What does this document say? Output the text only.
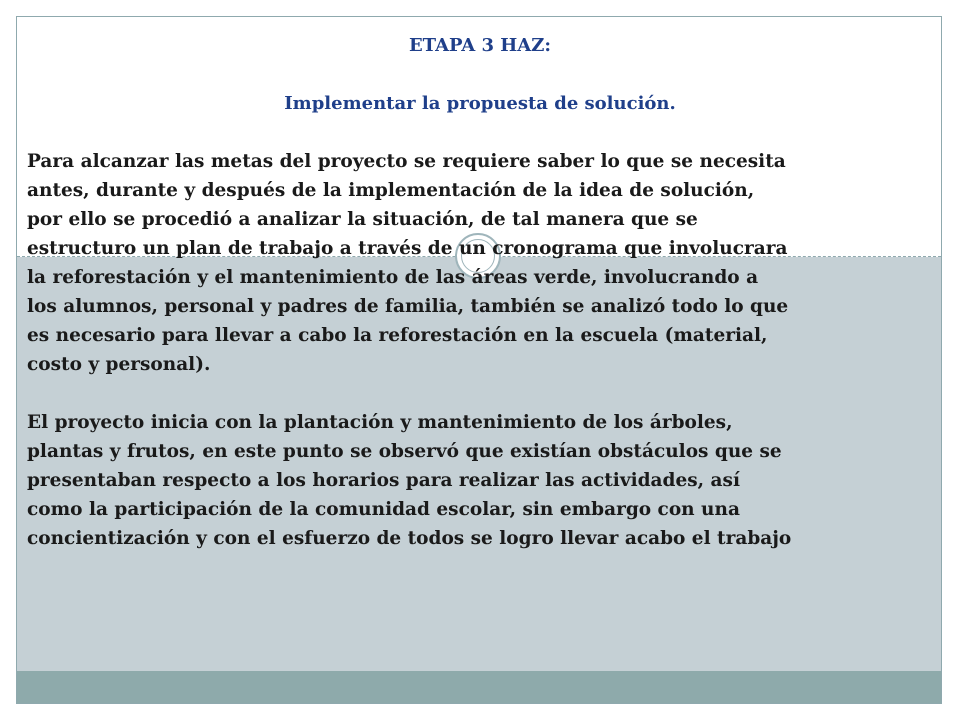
ETAPA 3 HAZ:

Implementar la propuesta de solución.

Para alcanzar las metas del proyecto se requiere saber lo que se necesita
antes, durante y después de la implementación de la idea de solución,
por ello se procedió a analizar la situación, de tal manera que se
estructuro un plan de trabajo a través de un cronograma que involucrara
la reforestación y el mantenimiento de las áreas verde, involucrando a
los alumnos, personal y padres de familia, también se analizó todo lo que
es necesario para llevar a cabo la reforestación en la escuela (material,
costo y personal).

El proyecto inicia con la plantación y mantenimiento de los árboles,
plantas y frutos, en este punto se observó que existían obstáculos que se
presentaban respecto a los horarios para realizar las actividades, así
como la participación de la comunidad escolar, sin embargo con una
concientización y con el esfuerzo de todos se logro llevar acabo el trabajo
